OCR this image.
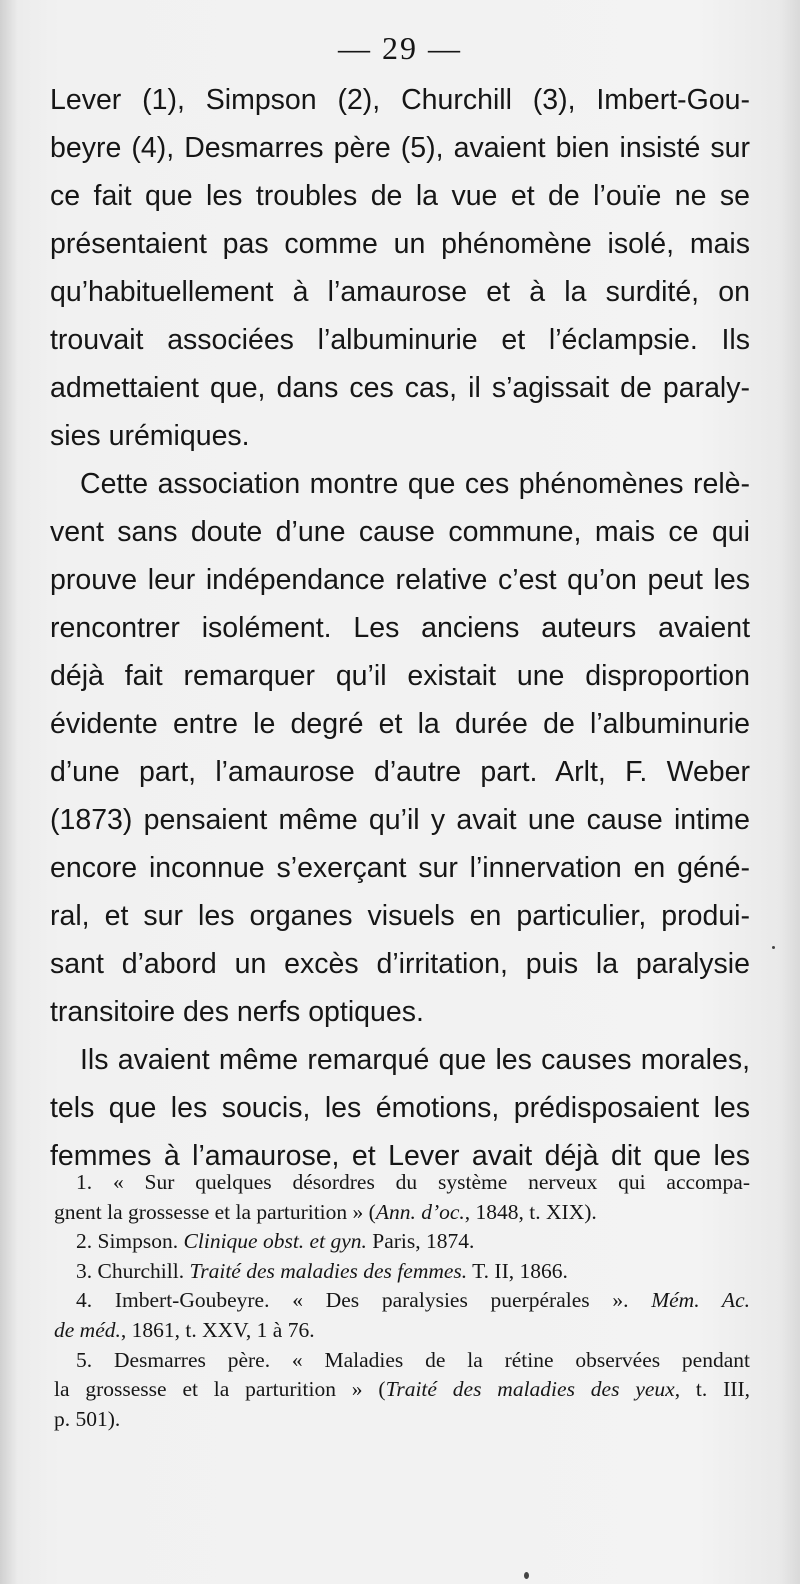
— 29 —
Lever (1), Simpson (2), Churchill (3), Imbert-Gou-
beyre (4), Desmarres père (5), avaient bien insisté sur
ce fait que les troubles de la vue et de l’ouïe ne se
présentaient pas comme un phénomène isolé, mais
qu’habituellement à l’amaurose et à la surdité, on
trouvait associées l’albuminurie et l’éclampsie. Ils
admettaient que, dans ces cas, il s’agissait de paraly-
sies urémiques.
Cette association montre que ces phénomènes relè-
vent sans doute d’une cause commune, mais ce qui
prouve leur indépendance relative c’est qu’on peut les
rencontrer isolément. Les anciens auteurs avaient
déjà fait remarquer qu’il existait une disproportion
évidente entre le degré et la durée de l’albuminurie
d’une part, l’amaurose d’autre part. Arlt, F. Weber
(1873) pensaient même qu’il y avait une cause intime
encore inconnue s’exerçant sur l’innervation en géné-
ral, et sur les organes visuels en particulier, produi-
sant d’abord un excès d’irritation, puis la paralysie
transitoire des nerfs optiques.
Ils avaient même remarqué que les causes morales,
tels que les soucis, les émotions, prédisposaient les
femmes à l’amaurose, et Lever avait déjà dit que les
1. « Sur quelques désordres du système nerveux qui accompa-
gnent la grossesse et la parturition » (Ann. d’oc., 1848, t. XIX).
2. Simpson. Clinique obst. et gyn. Paris, 1874.
3. Churchill. Traité des maladies des femmes. T. II, 1866.
4. Imbert-Goubeyre. « Des paralysies puerpérales ». Mém. Ac.
de méd., 1861, t. XXV, 1 à 76.
5. Desmarres père. « Maladies de la rétine observées pendant
la grossesse et la parturition » (Traité des maladies des yeux, t. III,
p. 501).
